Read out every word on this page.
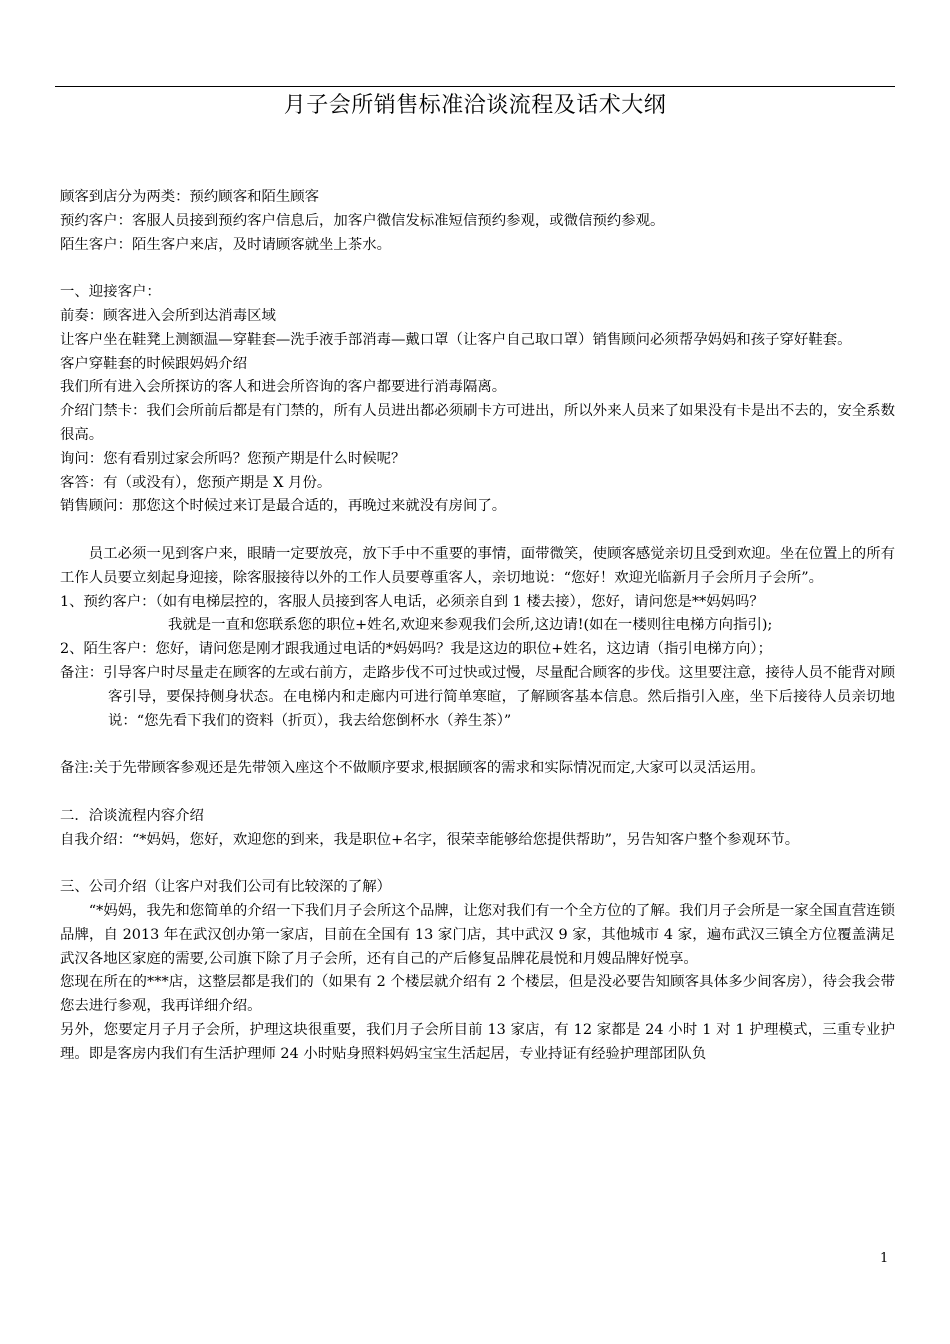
月子会所销售标准洽谈流程及话术大纲

顾客到店分为两类：预约顾客和陌生顾客

预约客户：客服人员接到预约客户信息后，加客户微信发标准短信预约参观，或微信预约参观。

陌生客户：陌生客户来店，及时请顾客就坐上茶水。

一、迎接客户：

前奏：顾客进入会所到达消毒区域

让客户坐在鞋凳上测额温—穿鞋套—洗手液手部消毒—戴口罩（让客户自己取口罩）销售顾问必须帮孕妈妈和孩子穿好鞋套。

客户穿鞋套的时候跟妈妈介绍

我们所有进入会所探访的客人和进会所咨询的客户都要进行消毒隔离。

介绍门禁卡：我们会所前后都是有门禁的，所有人员进出都必须刷卡方可进出，所以外来人员来了如果没有卡是出不去的，安全系数很高。

询问：您有看别过家会所吗？您预产期是什么时候呢？

客答：有（或没有），您预产期是 X 月份。

销售顾问：那您这个时候过来订是最合适的，再晚过来就没有房间了。

员工必须一见到客户来，眼睛一定要放亮，放下手中不重要的事情，面带微笑，使顾客感觉亲切且受到欢迎。坐在位置上的所有工作人员要立刻起身迎接，除客服接待以外的工作人员要尊重客人，亲切地说：“您好！欢迎光临新月子会所月子会所”。

1、预约客户：（如有电梯层控的，客服人员接到客人电话，必须亲自到 1 楼去接），您好，请问您是**妈妈吗？

我就是一直和您联系您的职位+姓名,欢迎来参观我们会所,这边请!(如在一楼则往电梯方向指引);

2、陌生客户：您好，请问您是刚才跟我通过电话的*妈妈吗？我是这边的职位+姓名，这边请（指引电梯方向）；

备注：引导客户时尽量走在顾客的左或右前方，走路步伐不可过快或过慢，尽量配合顾客的步伐。这里要注意，接待人员不能背对顾客引导，要保持侧身状态。在电梯内和走廊内可进行简单寒暄，了解顾客基本信息。然后指引入座，坐下后接待人员亲切地说：“您先看下我们的资料（折页），我去给您倒杯水（养生茶）”

备注:关于先带顾客参观还是先带领入座这个不做顺序要求,根据顾客的需求和实际情况而定,大家可以灵活运用。

二．洽谈流程内容介绍

自我介绍：“*妈妈，您好，欢迎您的到来，我是职位+名字，很荣幸能够给您提供帮助”，另告知客户整个参观环节。

三、公司介绍（让客户对我们公司有比较深的了解）

“*妈妈，我先和您简单的介绍一下我们月子会所这个品牌，让您对我们有一个全方位的了解。我们月子会所是一家全国直营连锁品牌，自 2013 年在武汉创办第一家店，目前在全国有 13 家门店，其中武汉 9 家，其他城市 4 家，遍布武汉三镇全方位覆盖满足武汉各地区家庭的需要,公司旗下除了月子会所，还有自己的产后修复品牌花晨悦和月嫂品牌好悦享。

您现在所在的***店，这整层都是我们的（如果有 2 个楼层就介绍有 2 个楼层，但是没必要告知顾客具体多少间客房），待会我会带您去进行参观，我再详细介绍。

另外，您要定月子月子会所，护理这块很重要，我们月子会所目前 13 家店，有 12 家都是 24 小时 1 对 1 护理模式，三重专业护理。即是客房内我们有生活护理师 24 小时贴身照料妈妈宝宝生活起居，专业持证有经验护理部团队负

1
